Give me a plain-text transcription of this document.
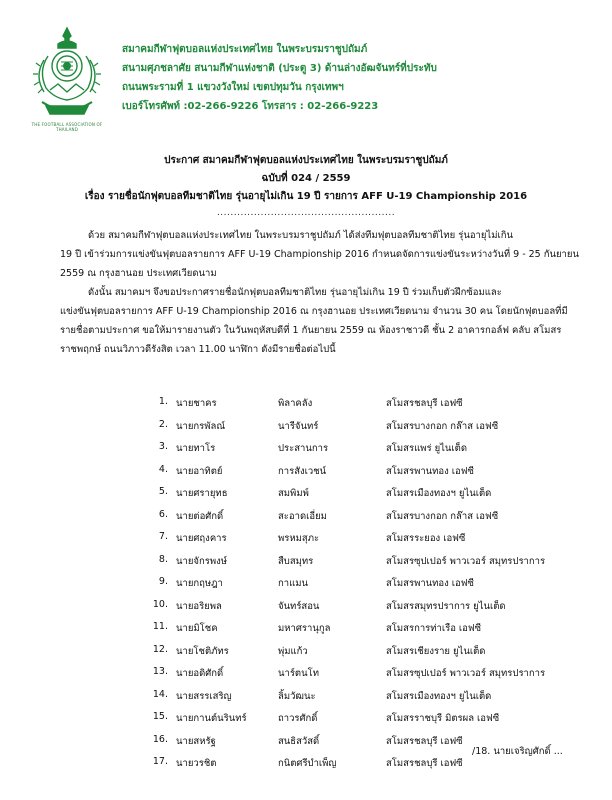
THE FOOTBALL ASSOCIATION OF THAILAND
สมาคมกีฬาฟุตบอลแห่งประเทศไทย ในพระบรมราชูปถัมภ์
สนามศุภชลาศัย สนามกีฬาแห่งชาติ (ประตู 3) ด้านล่างอัฒจันทร์ที่ประทับ
ถนนพระรามที่ 1 แขวงวังใหม่ เขตปทุมวัน กรุงเทพฯ
เบอร์โทรศัพท์ :02-266-9226 โทรสาร : 02-266-9223
ประกาศ สมาคมกีฬาฟุตบอลแห่งประเทศไทย ในพระบรมราชูปถัมภ์
ฉบับที่ 024 / 2559
เรื่อง รายชื่อนักฟุตบอลทีมชาติไทย รุ่นอายุไม่เกิน 19 ปี รายการ AFF U-19 Championship 2016
.....................................................
ด้วย สมาคมกีฬาฟุตบอลแห่งประเทศไทย ในพระบรมราชูปถัมภ์ ได้ส่งทีมฟุตบอลทีมชาติไทย รุ่นอายุไม่เกิน
19 ปี เข้าร่วมการแข่งขันฟุตบอลรายการ AFF U-19 Championship 2016 กำหนดจัดการแข่งขันระหว่างวันที่ 9 - 25 กันยายน
2559 ณ กรุงฮานอย ประเทศเวียดนาม
ดังนั้น สมาคมฯ จึงขอประกาศรายชื่อนักฟุตบอลทีมชาติไทย รุ่นอายุไม่เกิน 19 ปี ร่วมเก็บตัวฝึกซ้อมและ
แข่งขันฟุตบอลรายการ AFF U-19 Championship 2016 ณ กรุงฮานอย ประเทศเวียดนาม จำนวน 30 คน โดยนักฟุตบอลที่มี
รายชื่อตามประกาศ ขอให้มารายงานตัว ในวันพฤหัสบดีที่ 1 กันยายน 2559 ณ ห้องราชาวดี ชั้น 2 อาคารกอล์ฟ คลับ สโมสร
ราชพฤกษ์ ถนนวิภาวดีรังสิต เวลา 11.00 นาฬิกา ดังมีรายชื่อต่อไปนี้
1. นายชาคร	พิลาคลัง	สโมสรชลบุรี เอฟซี
2. นายกรพัลณ์	นารีจันทร์	สโมสรบางกอก กล๊าส เอฟซี
3. นายทาโร	ประสานการ	สโมสรแพร่ ยูไนเต็ด
4. นายอาทิตย์	การสังเวชน์	สโมสรพานทอง เอฟซี
5. นายศรายุทธ	สมพิมพ์	สโมสรเมืองทองฯ ยูไนเต็ด
6. นายต่อศักดิ์	สะอาดเอี่ยม	สโมสรบางกอก กล๊าส เอฟซี
7. นายศฤงคาร	พรหมสุภะ	สโมสรระยอง เอฟซี
8. นายจักรพงษ์	สืบสมุทร	สโมสรซุปเปอร์ พาวเวอร์ สมุทรปราการ
9. นายกฤษฎา	กาแมน	สโมสรพานทอง เอฟซี
10. นายอริยพล	จันทร์สอน	สโมสรสมุทรปราการ ยูไนเต็ด
11. นายมิโชค	มหาศรานุกูล	สโมสรการท่าเรือ เอฟซี
12. นายโชติภัทร	พุ่มแก้ว	สโมสรเชียงราย ยูไนเต็ด
13. นายอดิศักดิ์	นาร์ตนโท	สโมสรซุปเปอร์ พาวเวอร์ สมุทรปราการ
14. นายสรรเสริญ	ลิ้มวัฒนะ	สโมสรเมืองทองฯ ยูไนเต็ด
15. นายกานต์นรินทร์	ถาวรศักดิ์	สโมสรราชบุรี มิตรผล เอฟซี
16. นายสหรัฐ	สนธิสวัสดิ์	สโมสรชลบุรี เอฟซี
17. นายวรชิต	กนิตศรีบำเพ็ญ	สโมสรชลบุรี เอฟซี
/18. นายเจริญศักดิ์ ...
